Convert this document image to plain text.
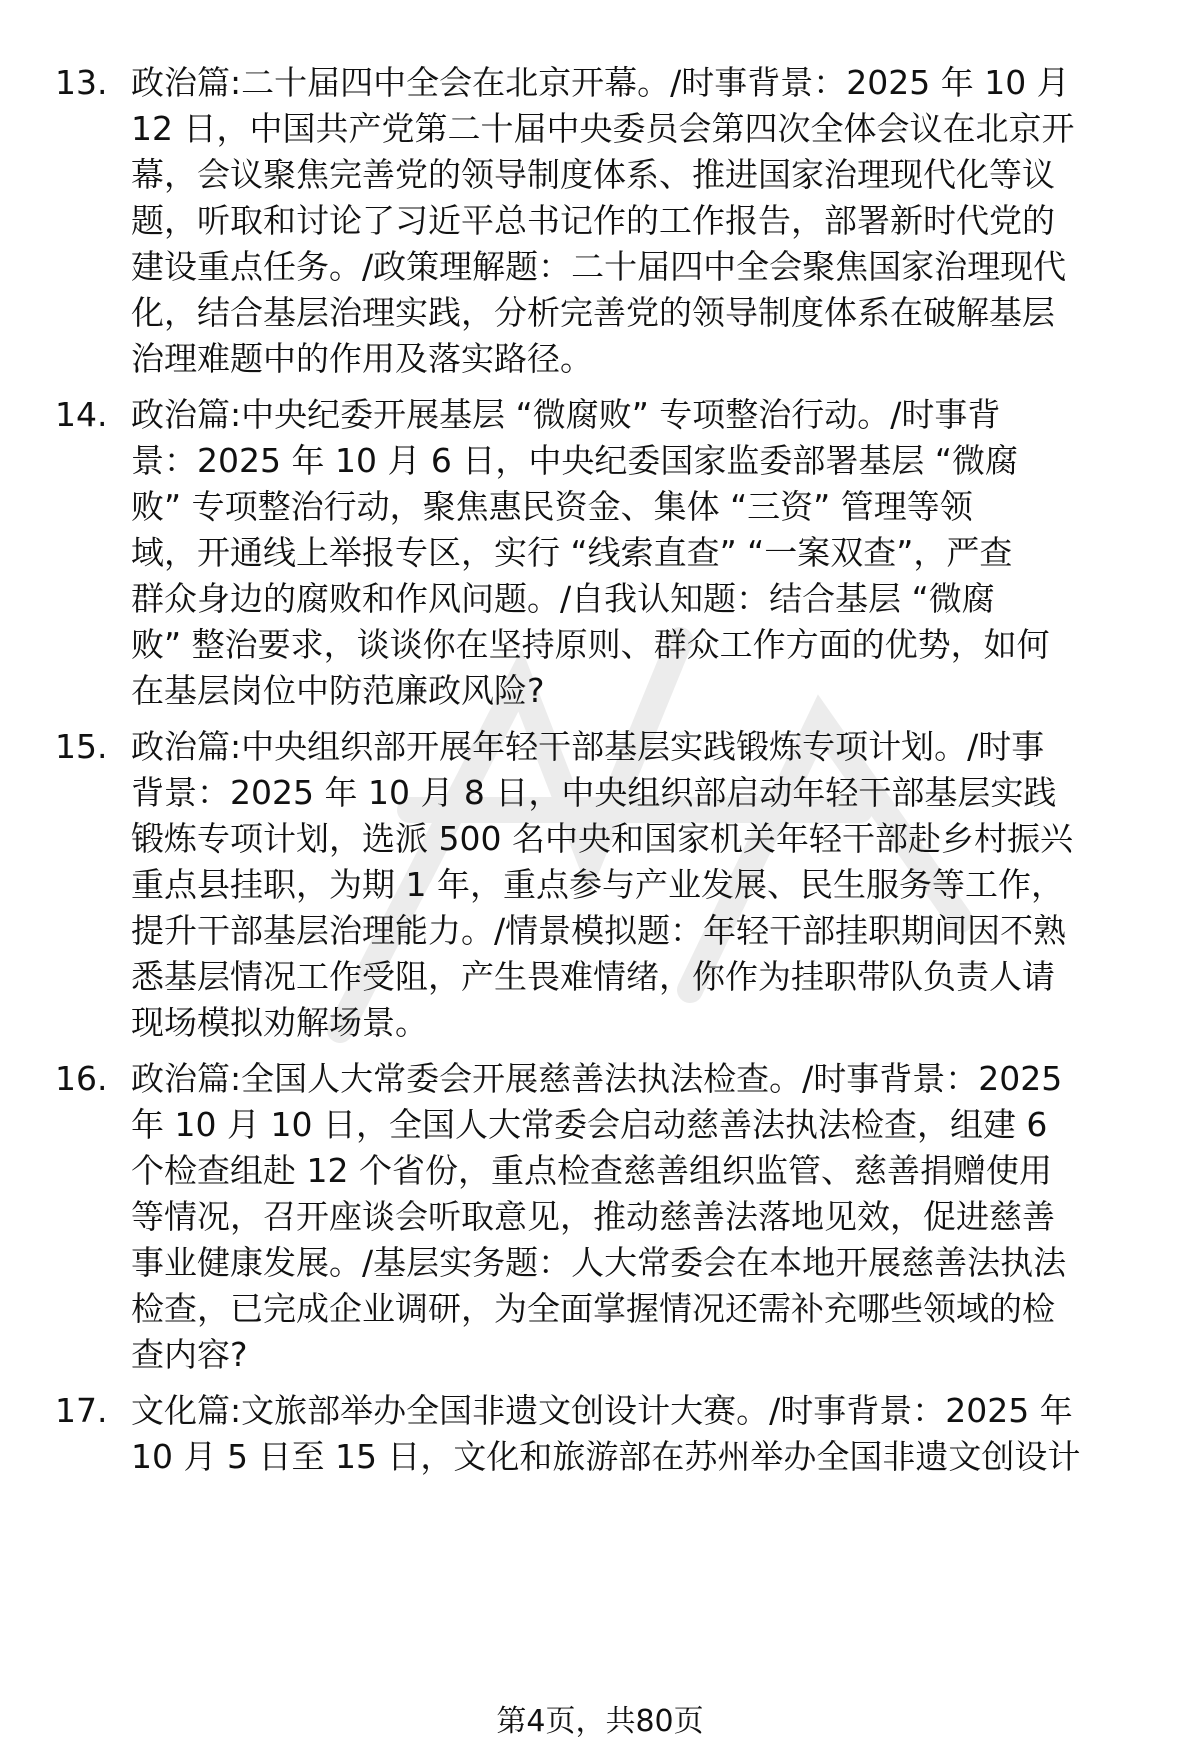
13. 政治篇:二十届四中全会在北京开幕。/时事背景：2025 年 10 月
12 日，中国共产党第二十届中央委员会第四次全体会议在北京开
幕，会议聚焦完善党的领导制度体系、推进国家治理现代化等议
题，听取和讨论了习近平总书记作的工作报告，部署新时代党的
建设重点任务。/政策理解题：二十届四中全会聚焦国家治理现代
化，结合基层治理实践，分析完善党的领导制度体系在破解基层
治理难题中的作用及落实路径。
14. 政治篇:中央纪委开展基层 “微腐败” 专项整治行动。/时事背
景：2025 年 10 月 6 日，中央纪委国家监委部署基层 “微腐
败” 专项整治行动，聚焦惠民资金、集体 “三资” 管理等领
域，开通线上举报专区，实行 “线索直查” “一案双查”，严查
群众身边的腐败和作风问题。/自我认知题：结合基层 “微腐
败” 整治要求，谈谈你在坚持原则、群众工作方面的优势，如何
在基层岗位中防范廉政风险?
15. 政治篇:中央组织部开展年轻干部基层实践锻炼专项计划。/时事
背景：2025 年 10 月 8 日，中央组织部启动年轻干部基层实践
锻炼专项计划，选派 500 名中央和国家机关年轻干部赴乡村振兴
重点县挂职，为期 1 年，重点参与产业发展、民生服务等工作，
提升干部基层治理能力。/情景模拟题：年轻干部挂职期间因不熟
悉基层情况工作受阻，产生畏难情绪，你作为挂职带队负责人请
现场模拟劝解场景。
16. 政治篇:全国人大常委会开展慈善法执法检查。/时事背景：2025
年 10 月 10 日，全国人大常委会启动慈善法执法检查，组建 6
个检查组赴 12 个省份，重点检查慈善组织监管、慈善捐赠使用
等情况，召开座谈会听取意见，推动慈善法落地见效，促进慈善
事业健康发展。/基层实务题：人大常委会在本地开展慈善法执法
检查，已完成企业调研，为全面掌握情况还需补充哪些领域的检
查内容?
17. 文化篇:文旅部举办全国非遗文创设计大赛。/时事背景：2025 年
10 月 5 日至 15 日，文化和旅游部在苏州举办全国非遗文创设计
第4页，共80页
